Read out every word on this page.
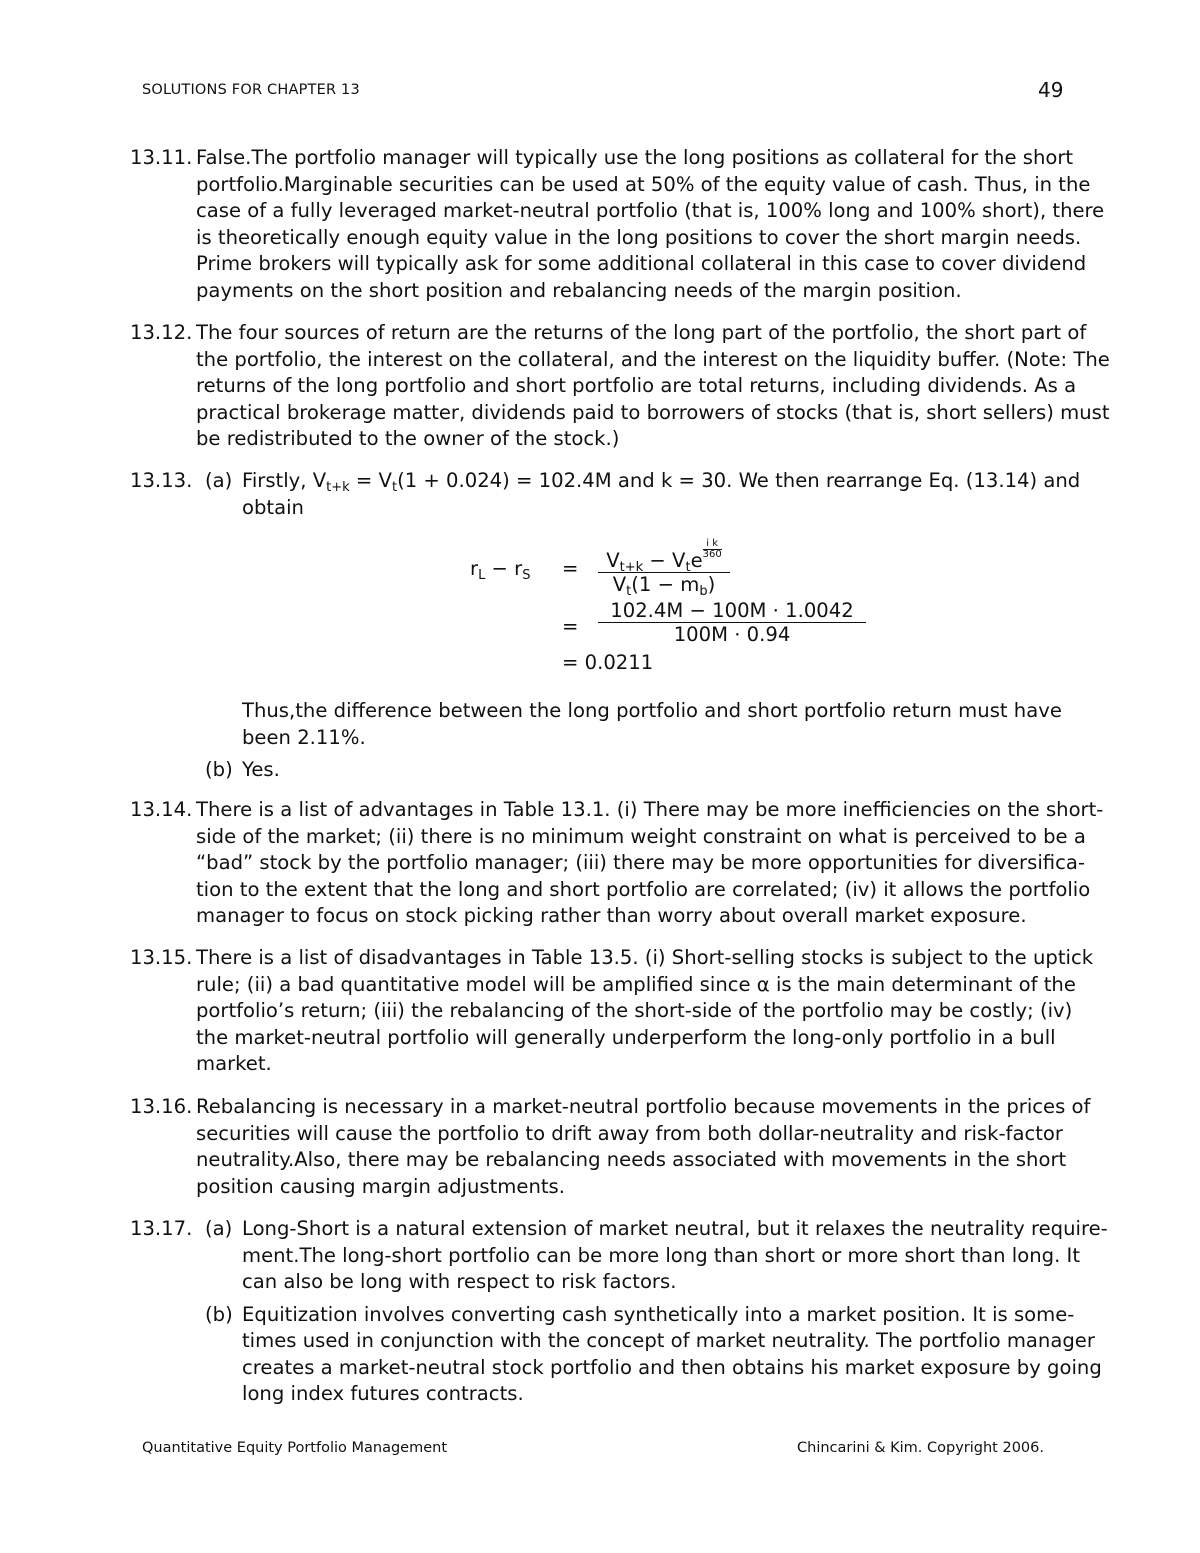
SOLUTIONS FOR CHAPTER 13	49
13.11. False.The portfolio manager will typically use the long positions as collateral for the short
portfolio.Marginable securities can be used at 50% of the equity value of cash. Thus, in the
case of a fully leveraged market-neutral portfolio (that is, 100% long and 100% short), there
is theoretically enough equity value in the long positions to cover the short margin needs.
Prime brokers will typically ask for some additional collateral in this case to cover dividend
payments on the short position and rebalancing needs of the margin position.
13.12. The four sources of return are the returns of the long part of the portfolio, the short part of
the portfolio, the interest on the collateral, and the interest on the liquidity buffer. (Note: The
returns of the long portfolio and short portfolio are total returns, including dividends. As a
practical brokerage matter, dividends paid to borrowers of stocks (that is, short sellers) must
be redistributed to the owner of the stock.)
13.13. (a) Firstly, $V_{t+k} = V_t(1 + 0.024) = 102.4M$ and k = 30. We then rearrange Eq. (13.14) and
obtain
$r_L - r_S$ =	$V_{t+k} - V_te \frac{\text{i k}}{360}$
$V_t(1 - m_b)$
= $\frac{102.4M - 100M \cdot 1.0042}{100M \cdot 0.94}$
= 0.0211
Thus,the difference between the long portfolio and short portfolio return must have
been 2.11%.
(b) Yes.
13.14. There is a list of advantages in Table 13.1. (i) There may be more inefficiencies on the short-
side of the market; (ii) there is no minimum weight constraint on what is perceived to be a
“bad” stock by the portfolio manager; (iii) there may be more opportunities for diversifica-
tion to the extent that the long and short portfolio are correlated; (iv) it allows the portfolio
manager to focus on stock picking rather than worry about overall market exposure.
13.15. There is a list of disadvantages in Table 13.5. (i) Short-selling stocks is subject to the uptick
rule; (ii) a bad quantitative model will be amplified since α is the main determinant of the
portfolio’s return; (iii) the rebalancing of the short-side of the portfolio may be costly; (iv)
the market-neutral portfolio will generally underperform the long-only portfolio in a bull
market.
13.16. Rebalancing is necessary in a market-neutral portfolio because movements in the prices of
securities will cause the portfolio to drift away from both dollar-neutrality and risk-factor
neutrality.Also, there may be rebalancing needs associated with movements in the short
position causing margin adjustments.
13.17. (a) Long-Short is a natural extension of market neutral, but it relaxes the neutrality require-
ment.The long-short portfolio can be more long than short or more short than long. It
can also be long with respect to risk factors.
(b) Equitization involves converting cash synthetically into a market position. It is some-
times used in conjunction with the concept of market neutrality. The portfolio manager
creates a market-neutral stock portfolio and then obtains his market exposure by going
long index futures contracts.
Quantitative Equity Portfolio Management	Chincarini & Kim. Copyright 2006.
